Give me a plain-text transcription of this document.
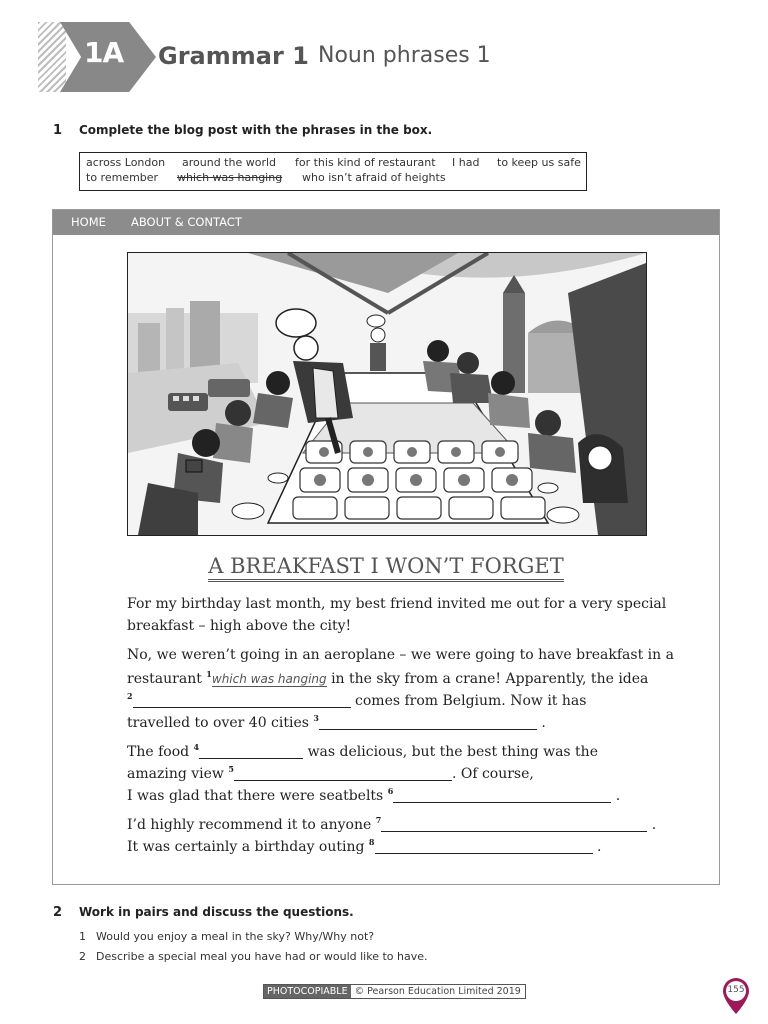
1A Grammar 1 Noun phrases 1
1 Complete the blog post with the phrases in the box.
across London around the world for this kind of restaurant I had to keep us safe
to remember which was hanging who isn’t afraid of heights
HOME ABOUT & CONTACT
A BREAKFAST I WON’T FORGET
For my birthday last month, my best friend invited me out for a very special
breakfast – high above the city!
No, we weren’t going in an aeroplane – we were going to have breakfast in a
restaurant $^1$which was hanging in the sky from a crane! Apparently, the idea
$^2$	comes from Belgium. Now it has
travelled to over 40 cities $^3$	.
The food $^4$	was delicious, but the best thing was the
amazing view $^5$	. Of course,
I was glad that there were seatbelts $^6$	.
I’d highly recommend it to anyone $^7$	.
It was certainly a birthday outing $^8$	.
2 Work in pairs and discuss the questions.
1 Would you enjoy a meal in the sky? Why/Why not?
2 Describe a special meal you have had or would like to have.
PHOTOCOPIABLE © Pearson Education Limited 2019	155
